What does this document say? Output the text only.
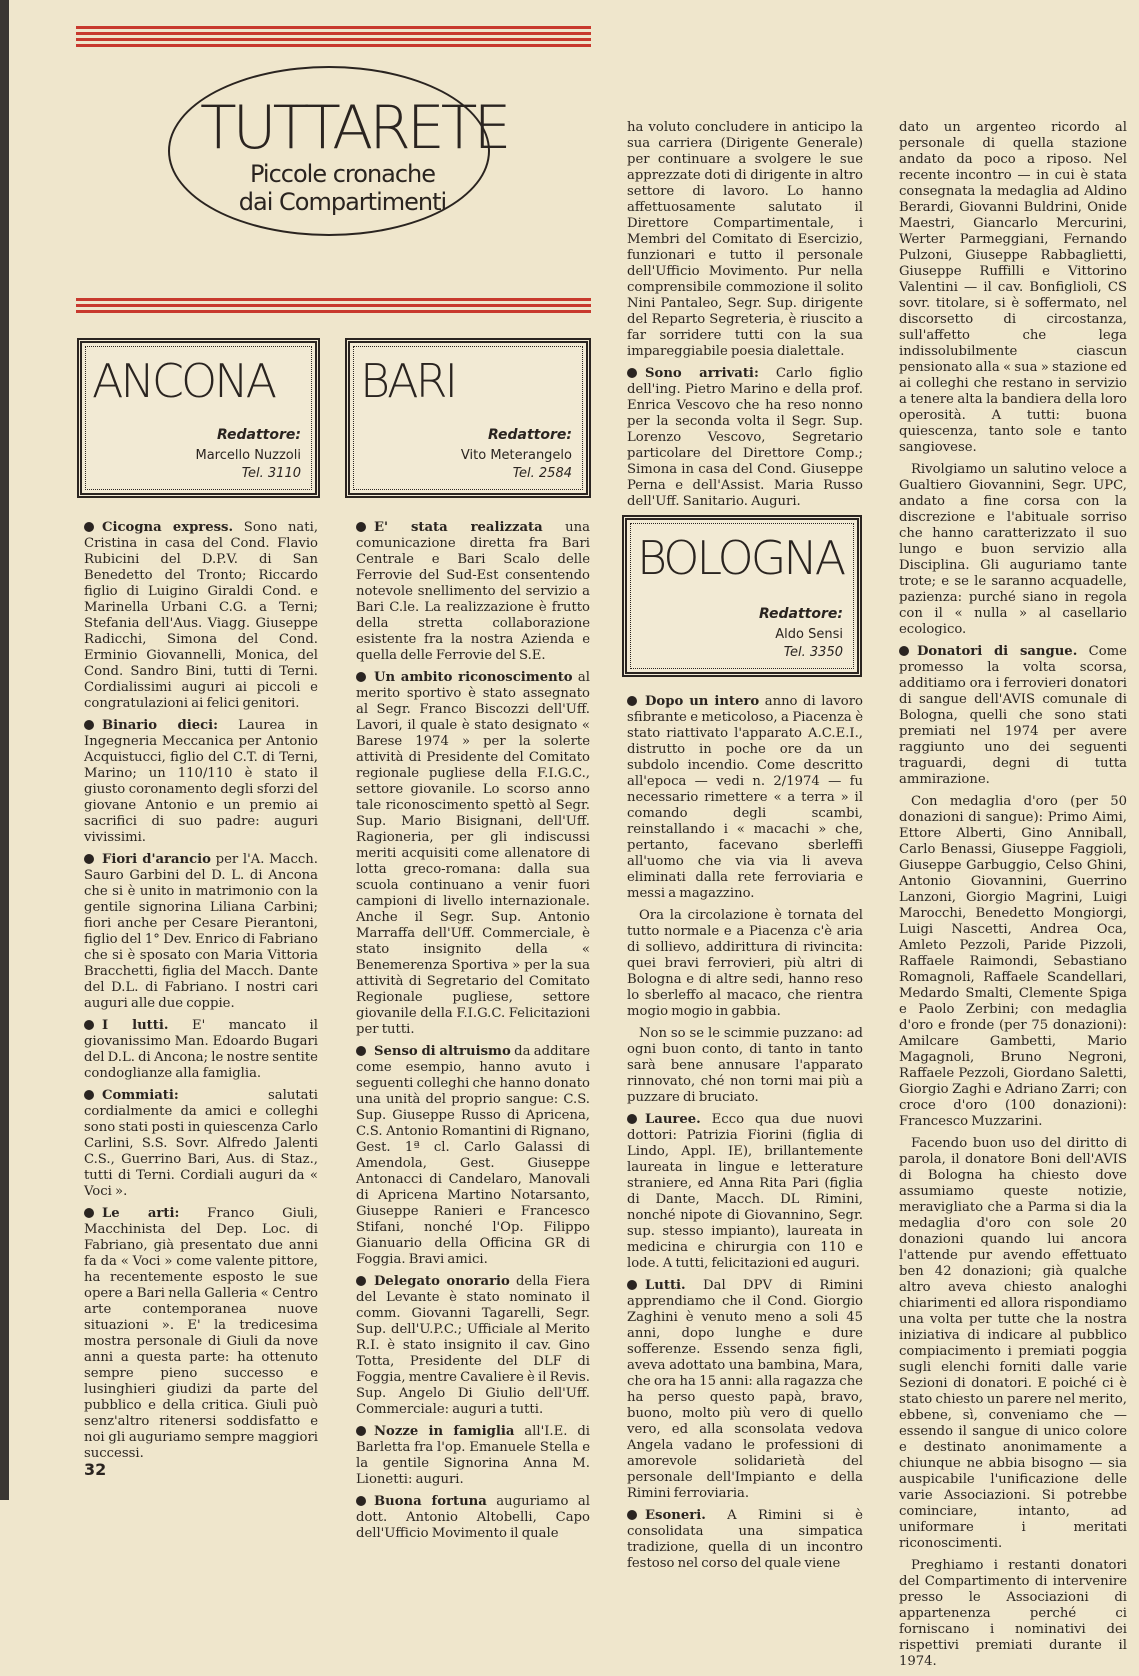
TUTTARETE
Piccole cronache
dai Compartimenti
ANCONA
Redattore:
Marcello Nuzzoli
Tel. 3110
BARI
Redattore:
Vito Meterangelo
Tel. 2584
BOLOGNA
Redattore:
Aldo Sensi
Tel. 3350

Cicogna express. Sono nati, Cristina in casa del Cond. Flavio Rubicini del D.P.V. di San Benedetto del Tronto; Riccardo figlio di Luigino Giraldi Cond. e Marinella Urbani C.G. a Terni; Stefania dell'Aus. Viagg. Giuseppe Radicchi, Simona del Cond. Erminio Giovannelli, Monica, del Cond. Sandro Bini, tutti di Terni. Cordialissimi auguri ai piccoli e congratulazioni ai felici genitori.

Binario dieci: Laurea in Ingegneria Meccanica per Antonio Acquistucci, figlio del C.T. di Terni, Marino; un 110/110 è stato il giusto coronamento degli sforzi del giovane Antonio e un premio ai sacrifici di suo padre: auguri vivissimi.

Fiori d'arancio per l'A. Macch. Sauro Garbini del D. L. di Ancona che si è unito in matrimonio con la gentile signorina Liliana Carbini; fiori anche per Cesare Pierantoni, figlio del 1° Dev. Enrico di Fabriano che si è sposato con Maria Vittoria Bracchetti, figlia del Macch. Dante del D.L. di Fabriano. I nostri cari auguri alle due coppie.

I lutti. E' mancato il giovanissimo Man. Edoardo Bugari del D.L. di Ancona; le nostre sentite condoglianze alla famiglia.

Commiati: salutati cordialmente da amici e colleghi sono stati posti in quiescenza Carlo Carlini, S.S. Sovr. Alfredo Jalenti C.S., Guerrino Bari, Aus. di Staz., tutti di Terni. Cordiali auguri da « Voci ».

Le arti: Franco Giuli, Macchinista del Dep. Loc. di Fabriano, già presentato due anni fa da « Voci » come valente pittore, ha recentemente esposto le sue opere a Bari nella Galleria « Centro arte contemporanea nuove situazioni ». E' la tredicesima mostra personale di Giuli da nove anni a questa parte: ha ottenuto sempre pieno successo e lusinghieri giudizi da parte del pubblico e della critica. Giuli può senz'altro ritenersi soddisfatto e noi gli auguriamo sempre maggiori successi.

E' stata realizzata una comunicazione diretta fra Bari Centrale e Bari Scalo delle Ferrovie del Sud-Est consentendo notevole snellimento del servizio a Bari C.le. La realizzazione è frutto della stretta collaborazione esistente fra la nostra Azienda e quella delle Ferrovie del S.E.

Un ambito riconoscimento al merito sportivo è stato assegnato al Segr. Franco Biscozzi dell'Uff. Lavori, il quale è stato designato « Barese 1974 » per la solerte attività di Presidente del Comitato regionale pugliese della F.I.G.C., settore giovanile. Lo scorso anno tale riconoscimento spettò al Segr. Sup. Mario Bisignani, dell'Uff. Ragioneria, per gli indiscussi meriti acquisiti come allenatore di lotta greco-romana: dalla sua scuola continuano a venir fuori campioni di livello internazionale. Anche il Segr. Sup. Antonio Marraffa dell'Uff. Commerciale, è stato insignito della « Benemerenza Sportiva » per la sua attività di Segretario del Comitato Regionale pugliese, settore giovanile della F.I.G.C. Felicitazioni per tutti.

Senso di altruismo da additare come esempio, hanno avuto i seguenti colleghi che hanno donato una unità del proprio sangue: C.S. Sup. Giuseppe Russo di Apricena, C.S. Antonio Romantini di Rignano, Gest. 1ª cl. Carlo Galassi di Amendola, Gest. Giuseppe Antonacci di Candelaro, Manovali di Apricena Martino Notarsanto, Giuseppe Ranieri e Francesco Stifani, nonché l'Op. Filippo Gianuario della Officina GR di Foggia. Bravi amici.

Delegato onorario della Fiera del Levante è stato nominato il comm. Giovanni Tagarelli, Segr. Sup. dell'U.P.C.; Ufficiale al Merito R.I. è stato insignito il cav. Gino Totta, Presidente del DLF di Foggia, mentre Cavaliere è il Revis. Sup. Angelo Di Giulio dell'Uff. Commerciale: auguri a tutti.

Nozze in famiglia all'I.E. di Barletta fra l'op. Emanuele Stella e la gentile Signorina Anna M. Lionetti: auguri.

Buona fortuna auguriamo al dott. Antonio Altobelli, Capo dell'Ufficio Movimento il quale

ha voluto concludere in anticipo la sua carriera (Dirigente Generale) per continuare a svolgere le sue apprezzate doti di dirigente in altro settore di lavoro. Lo hanno affettuosamente salutato il Direttore Compartimentale, i Membri del Comitato di Esercizio, funzionari e tutto il personale dell'Ufficio Movimento. Pur nella comprensibile commozione il solito Nini Pantaleo, Segr. Sup. dirigente del Reparto Segreteria, è riuscito a far sorridere tutti con la sua impareggiabile poesia dialettale.

Sono arrivati: Carlo figlio dell'ing. Pietro Marino e della prof. Enrica Vescovo che ha reso nonno per la seconda volta il Segr. Sup. Lorenzo Vescovo, Segretario particolare del Direttore Comp.; Simona in casa del Cond. Giuseppe Perna e dell'Assist. Maria Russo dell'Uff. Sanitario. Auguri.

Dopo un intero anno di lavoro sfibrante e meticoloso, a Piacenza è stato riattivato l'apparato A.C.E.I., distrutto in poche ore da un subdolo incendio. Come descritto all'epoca — vedi n. 2/1974 — fu necessario rimettere « a terra » il comando degli scambi, reinstallando i « macachi » che, pertanto, facevano sberleffi all'uomo che via via li aveva eliminati dalla rete ferroviaria e messi a magazzino.

Ora la circolazione è tornata del tutto normale e a Piacenza c'è aria di sollievo, addirittura di rivincita: quei bravi ferrovieri, più altri di Bologna e di altre sedi, hanno reso lo sberleffo al macaco, che rientra mogio mogio in gabbia.

Non so se le scimmie puzzano: ad ogni buon conto, di tanto in tanto sarà bene annusare l'apparato rinnovato, ché non torni mai più a puzzare di bruciato.

Lauree. Ecco qua due nuovi dottori: Patrizia Fiorini (figlia di Lindo, Appl. IE), brillantemente laureata in lingue e letterature straniere, ed Anna Rita Pari (figlia di Dante, Macch. DL Rimini, nonché nipote di Giovannino, Segr. sup. stesso impianto), laureata in medicina e chirurgia con 110 e lode. A tutti, felicitazioni ed auguri.

Lutti. Dal DPV di Rimini apprendiamo che il Cond. Giorgio Zaghini è venuto meno a soli 45 anni, dopo lunghe e dure sofferenze. Essendo senza figli, aveva adottato una bambina, Mara, che ora ha 15 anni: alla ragazza che ha perso questo papà, bravo, buono, molto più vero di quello vero, ed alla sconsolata vedova Angela vadano le professioni di amorevole solidarietà del personale dell'Impianto e della Rimini ferroviaria.

Esoneri. A Rimini si è consolidata una simpatica tradizione, quella di un incontro festoso nel corso del quale viene

dato un argenteo ricordo al personale di quella stazione andato da poco a riposo. Nel recente incontro — in cui è stata consegnata la medaglia ad Aldino Berardi, Giovanni Buldrini, Onide Maestri, Giancarlo Mercurini, Werter Parmeggiani, Fernando Pulzoni, Giuseppe Rabbaglietti, Giuseppe Ruffilli e Vittorino Valentini — il cav. Bonfiglioli, CS sovr. titolare, si è soffermato, nel discorsetto di circostanza, sull'affetto che lega indissolubilmente ciascun pensionato alla « sua » stazione ed ai colleghi che restano in servizio a tenere alta la bandiera della loro operosità. A tutti: buona quiescenza, tanto sole e tanto sangiovese.

Rivolgiamo un salutino veloce a Gualtiero Giovannini, Segr. UPC, andato a fine corsa con la discrezione e l'abituale sorriso che hanno caratterizzato il suo lungo e buon servizio alla Disciplina. Gli auguriamo tante trote; e se le saranno acquadelle, pazienza: purché siano in regola con il « nulla » al casellario ecologico.

Donatori di sangue. Come promesso la volta scorsa, additiamo ora i ferrovieri donatori di sangue dell'AVIS comunale di Bologna, quelli che sono stati premiati nel 1974 per avere raggiunto uno dei seguenti traguardi, degni di tutta ammirazione.

Con medaglia d'oro (per 50 donazioni di sangue): Primo Aimi, Ettore Alberti, Gino Anniball, Carlo Benassi, Giuseppe Faggioli, Giuseppe Garbuggio, Celso Ghini, Antonio Giovannini, Guerrino Lanzoni, Giorgio Magrini, Luigi Marocchi, Benedetto Mongiorgi, Luigi Nascetti, Andrea Oca, Amleto Pezzoli, Paride Pizzoli, Raffaele Raimondi, Sebastiano Romagnoli, Raffaele Scandellari, Medardo Smalti, Clemente Spiga e Paolo Zerbini; con medaglia d'oro e fronde (per 75 donazioni): Amilcare Gambetti, Mario Magagnoli, Bruno Negroni, Raffaele Pezzoli, Giordano Saletti, Giorgio Zaghi e Adriano Zarri; con croce d'oro (100 donazioni): Francesco Muzzarini.

Facendo buon uso del diritto di parola, il donatore Boni dell'AVIS di Bologna ha chiesto dove assumiamo queste notizie, meravigliato che a Parma si dia la medaglia d'oro con sole 20 donazioni quando lui ancora l'attende pur avendo effettuato ben 42 donazioni; già qualche altro aveva chiesto analoghi chiarimenti ed allora rispondiamo una volta per tutte che la nostra iniziativa di indicare al pubblico compiacimento i premiati poggia sugli elenchi forniti dalle varie Sezioni di donatori. E poiché ci è stato chiesto un parere nel merito, ebbene, sì, conveniamo che — essendo il sangue di unico colore e destinato anonimamente a chiunque ne abbia bisogno — sia auspicabile l'unificazione delle varie Associazioni. Si potrebbe cominciare, intanto, ad uniformare i meritati riconoscimenti.

Preghiamo i restanti donatori del Compartimento di intervenire presso le Associazioni di appartenenza perché ci forniscano i nominativi dei rispettivi premiati durante il 1974.

32
